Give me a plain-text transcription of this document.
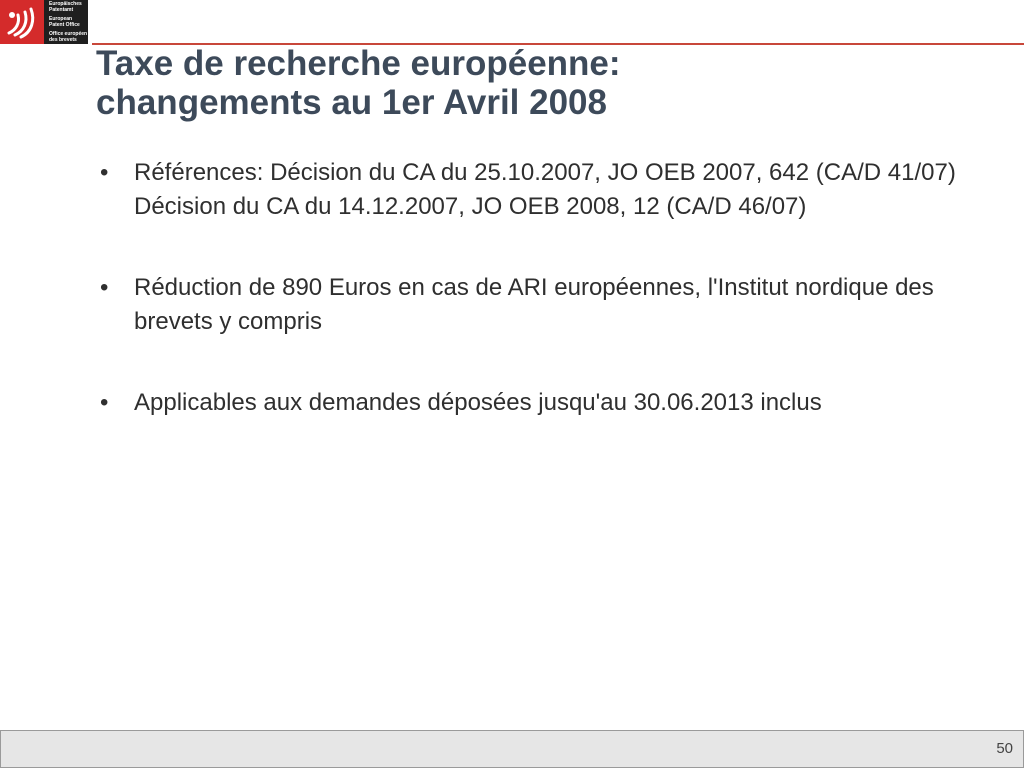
Europäisches
Patentamt
European
Patent Office
Office européen
des brevets
Taxe de recherche européenne:
changements au 1er Avril 2008
• Références: Décision du CA du 25.10.2007, JO OEB 2007, 642 (CA/D 41/07) Décision du CA du 14.12.2007, JO OEB 2008, 12 (CA/D 46/07)
• Réduction de 890 Euros en cas de ARI européennes, l'Institut nordique des brevets y compris
• Applicables aux demandes déposées jusqu'au 30.06.2013 inclus
50
